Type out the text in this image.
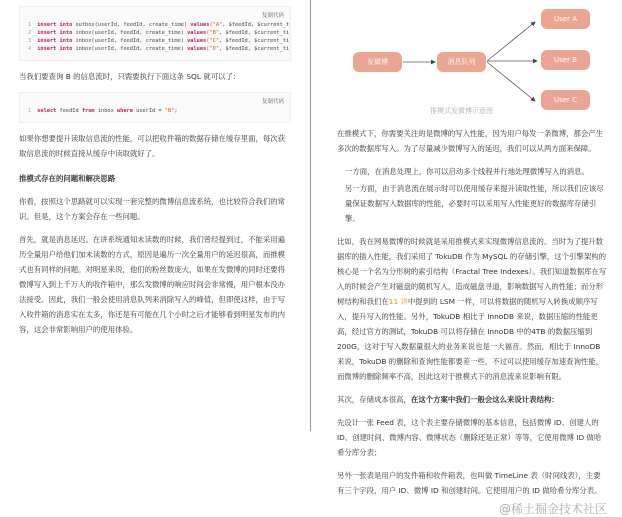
复制代码
1 insert into outbox(userId, feedId, create_time) values("A", $feedId, $current_t
2 insert into inbox(userId, feedId, create_time) values("B", $feedId, $current_ti
3 insert into inbox(userId, feedId, create_time) values("C", $feedId, $current_ti
4 insert into inbox(userId, feedId, create_time) values("D", $feedId, $current_ti

当我们要查询 B 的信息流时，只需要执行下面这条 SQL 就可以了：

复制代码
1 select feedId from inbox where userId = "B";

如果你想要提升读取信息流的性能，可以把收件箱的数据存储在缓存里面，每次获取信息流的时候直接从缓存中读取就好了。

推模式存在的问题和解决思路

你看，按照这个思路就可以实现一套完整的微博信息流系统，也比较符合我们的常识。但是，这个方案会存在一些问题。

首先，就是消息延迟。在讲系统通知未读数的时候，我们曾经提到过，不能采用遍历全量用户给他们加未读数的方式，原因是遍历一次全量用户的延迟很高，而推模式也有同样的问题。对明星来说，他们的粉丝数庞大，如果在发微博的同时还要将微博写入到上千万人的收件箱中，那么发微博的响应时间会非常慢，用户根本没办法接受。因此，我们一般会使用消息队列来消除写入的峰值，但即使这样，由于写入收件箱的消息实在太多，你还是有可能在几个小时之后才能够看到明星发布的内容，这会非常影响用户的使用体验。

发微博	消息队列
User A
User B
User C
推模式发微博示意图

在推模式下，你需要关注的是微博的写入性能，因为用户每发一条微博，都会产生多次的数据库写入。为了尽量减少微博写入的延迟，我们可以从两方面来保障。

一方面，在消息处理上，你可以启动多个线程并行地处理微博写入的消息。

另一方面，由于消息流在展示时可以使用缓存来提升读取性能，所以我们应该尽量保证数据写入数据库的性能，必要时可以采用写入性能更好的数据库存储引擎。

比如，我在网易微博的时候就是采用推模式来实现微博信息流的。当时为了提升数据库的插入性能，我们采用了 TokuDB 作为 MySQL 的存储引擎，这个引擎架构的核心是一个名为分形树的索引结构（Fractal Tree Indexes）。我们知道数据库在写入的时候会产生对磁盘的随机写入，造成磁盘寻道，影响数据写入的性能；而分形树结构和我们在11 讲中提到的 LSM 一样，可以将数据的随机写入转换成顺序写入，提升写入的性能。另外，TokuDB 相比于 InnoDB 来说，数据压缩的性能更高，经过官方的测试，TokuDB 可以将存储在 InnoDB 中的4TB 的数据压缩到 200G，这对于写入数据量很大的业务来说也是一大福音。然而，相比于 InnoDB 来说，TokuDB 的删除和查询性能都要差一些，不过可以使用缓存加速查询性能，而微博的删除频率不高，因此这对于推模式下的消息流来说影响有限。

其次，存储成本很高，在这个方案中我们一般会这么来设计表结构：

先设计一张 Feed 表，这个表主要存储微博的基本信息，包括微博 ID、创建人的 ID、创建时间、微博内容、微博状态（删除还是正常）等等，它使用微博 ID 做哈希分库分表；

另外一张表是用户的发件箱和收件箱表，也叫做 TimeLine 表（时间线表），主要有三个字段，用户 ID、微博 ID 和创建时间。它使用用户的 ID 做哈希分库分表。

@稀土掘金技术社区
